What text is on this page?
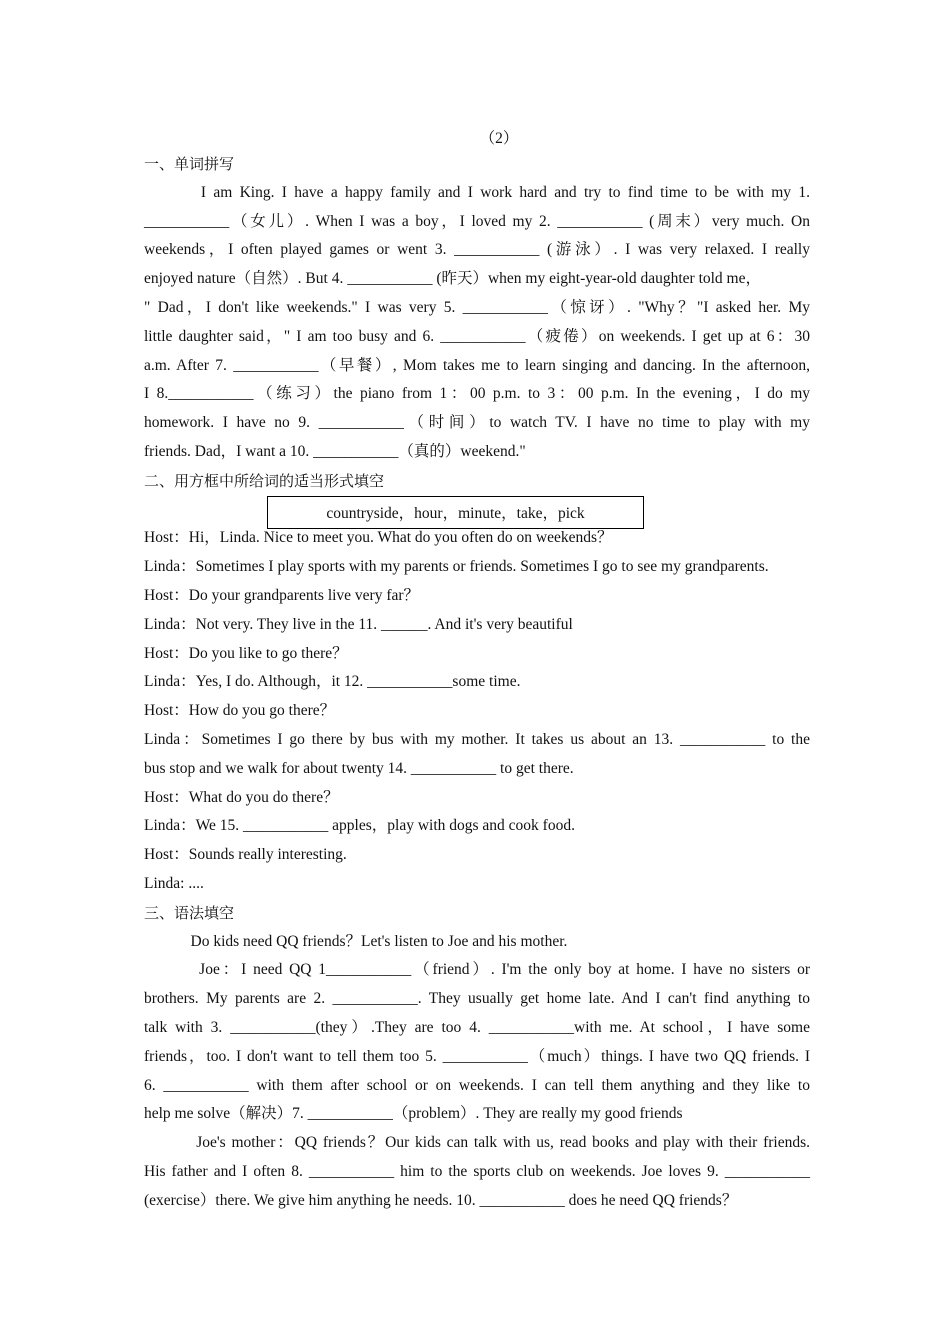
（2）
一、单词拼写
　　　I am King. I have a happy family and I work hard and try to find time to be with my 1.
___________（女儿）. When I was a boy，I loved my 2. ___________ (周末）very much. On
weekends，I often played games or went 3. ___________ (游泳）. I was very relaxed. I really
enjoyed nature（自然）. But 4. ___________ (昨天）when my eight-year-old daughter told me，
" Dad，I don't like weekends." I was very 5. ___________（惊讶）. "Why？"I asked her. My
little daughter said，" I am too busy and 6. ___________（疲倦）on weekends. I get up at 6：30
a.m. After 7. ___________（早餐）, Mom takes me to learn singing and dancing. In the afternoon,
I 8.___________（练习）the piano from 1：00 p.m. to 3：00 p.m. In the evening，I do my
homework. I have no 9. ___________（时间）to watch TV. I have no time to play with my
friends. Dad，I want a 10. ___________（真的）weekend."
二、用方框中所给词的适当形式填空
countryside，hour，minute，take，pick
Host：Hi，Linda. Nice to meet you. What do you often do on weekends？
Linda：Sometimes I play sports with my parents or friends. Sometimes I go to see my grandparents.
Host：Do your grandparents live very far？
Linda：Not very. They live in the 11. ______. And it's very beautiful
Host：Do you like to go there？
Linda：Yes, I do. Although，it 12. ___________some time.
Host：How do you go there？
Linda：Sometimes I go there by bus with my mother. It takes us about an 13. ___________ to the
bus stop and we walk for about twenty 14. ___________ to get there.
Host：What do you do there？
Linda：We 15. ___________ apples，play with dogs and cook food.
Host：Sounds really interesting.
Linda: ....
三、语法填空
　　　Do kids need QQ friends？Let's listen to Joe and his mother.
　　　Joe：I need QQ 1___________（friend）. I'm the only boy at home. I have no sisters or
brothers. My parents are 2. ___________. They usually get home late. And I can't find anything to
talk with 3. ___________(they）.They are too 4. ___________with me. At school，I have some
friends，too. I don't want to tell them too 5. ___________（much）things. I have two QQ friends. I
6. ___________ with them after school or on weekends. I can tell them anything and they like to
help me solve（解决）7. ___________（problem）. They are really my good friends
　　　Joe's mother：QQ friends？Our kids can talk with us, read books and play with their friends.
His father and I often 8. ___________ him to the sports club on weekends. Joe loves 9. ___________
(exercise）there. We give him anything he needs. 10. ___________ does he need QQ friends？
